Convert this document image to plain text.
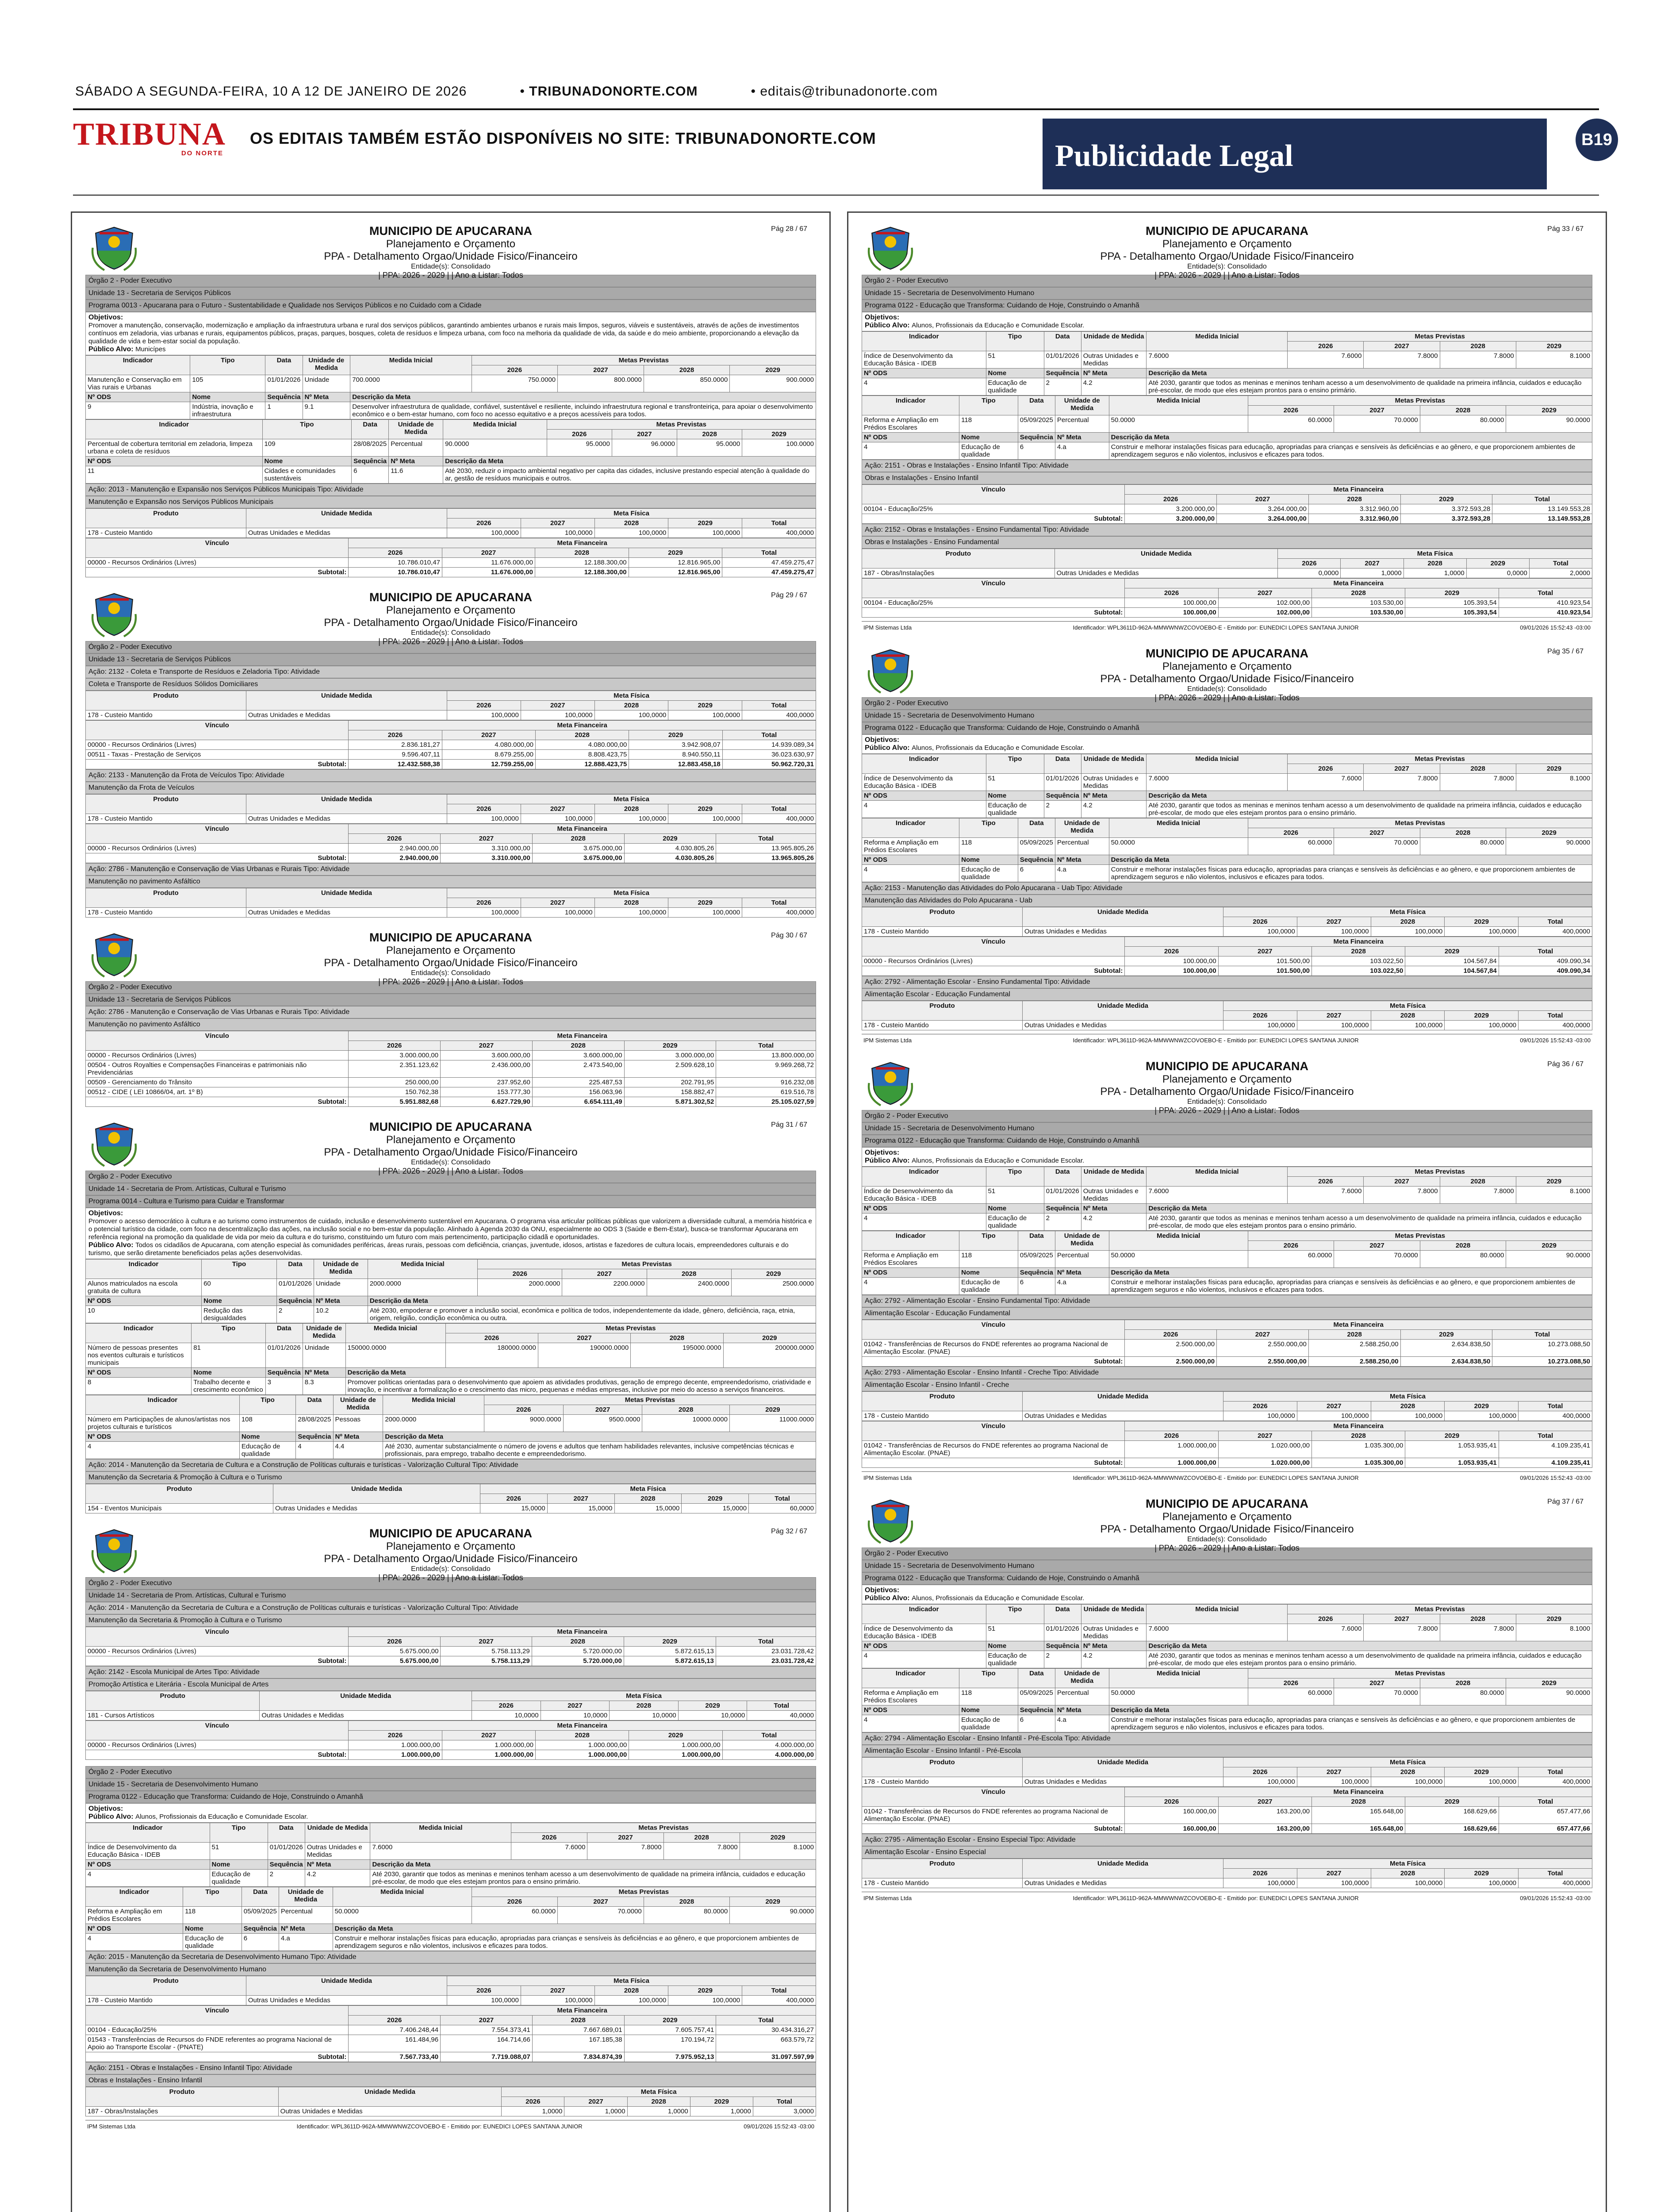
SÁBADO A SEGUNDA-FEIRA, 10 A 12 DE JANEIRO DE 2026	• TRIBUNADONORTE.COM	• editais@tribunadonorte.com
TRIBUNA
DO NORTE
OS EDITAIS TAMBÉM ESTÃO DISPONÍVEIS NO SITE: TRIBUNADONORTE.COM
Publicidade Legal	B19
MUNICIPIO DE APUCARANA
Planejamento e Orçamento
PPA - Detalhamento Orgao/Unidade Fisico/Financeiro
Entidade(s): Consolidado
| PPA: 2026 - 2029 | | Ano a Listar: Todos
Pág 28 / 67
Órgão 2 - Poder Executivo
Unidade 13 - Secretaria de Serviços Públicos
Programa 0013 - Apucarana para o Futuro - Sustentabilidade e Qualidade nos Serviços Públicos e no Cuidado com a Cidade
Objetivos:
Promover a manutenção, conservação, modernização e ampliação da infraestrutura urbana e rural dos serviços públicos, garantindo ambientes urbanos e rurais mais limpos, seguros, viáveis e sustentáveis, através de ações de investimentos contínuos em zeladoria, vias urbanas e rurais, equipamentos públicos, praças, parques, bosques, coleta de resíduos e limpeza urbana, com foco na melhoria da qualidade de vida, da saúde e do meio ambiente, proporcionando a elevação da qualidade de vida e bem-estar social da população.
Público Alvo: Municípes
Indicador	Tipo	Data	Unidade de Medida	Medida Inicial	Metas Previstas			
					2026	2027	2028	2029
Manutenção e Conservação em Vias rurais e Urbanas	105	01/01/2026	Unidade	700.0000	750.0000	800.0000	850.0000	900.0000
Nº ODS	Nome	Sequência	Nº Meta	Descrição da Meta				
9	Indústria, inovação e infraestrutura	1	9.1	Desenvolver infraestrutura de qualidade, confiável, sustentável e resiliente, incluindo infraestrutura regional e transfronteiriça, para apoiar o desenvolvimento econômico e o bem-estar humano, com foco no acesso equitativo e a preços acessíveis para todos.				
Indicador	Tipo	Data	Unidade de Medida	Medida Inicial	Metas Previstas			
					2026	2027	2028	2029
Percentual de cobertura territorial em zeladoria, limpeza urbana e coleta de resíduos	109	28/08/2025	Percentual	90.0000	95.0000	96.0000	95.0000	100.0000
Nº ODS	Nome	Sequência	Nº Meta	Descrição da Meta				
11	Cidades e comunidades sustentáveis	6	11.6	Até 2030, reduzir o impacto ambiental negativo per capita das cidades, inclusive prestando especial atenção à qualidade do ar, gestão de resíduos municipais e outros.				
Ação: 2013 - Manutenção e Expansão nos Serviços Públicos Municipais Tipo: Atividade
Manutenção e Expansão nos Serviços Públicos Municipais
Produto	Unidade Medida	Meta Física				
		2026	2027	2028	2029	Total
178 - Custeio Mantido	Outras Unidades e Medidas	100,0000	100,0000	100,0000	100,0000	400,0000
Vínculo	Meta Financeira				
	2026	2027	2028	2029	Total
00000 - Recursos Ordinários (Livres)	10.786.010,47	11.676.000,00	12.188.300,00	12.816.965,00	47.459.275,47
Subtotal:	10.786.010,47	11.676.000,00	12.188.300,00	12.816.965,00	47.459.275,47
MUNICIPIO DE APUCARANA
Planejamento e Orçamento
PPA - Detalhamento Orgao/Unidade Fisico/Financeiro
Entidade(s): Consolidado
| PPA: 2026 - 2029 | | Ano a Listar: Todos
Pág 29 / 67
Órgão 2 - Poder Executivo
Unidade 13 - Secretaria de Serviços Públicos
Ação: 2132 - Coleta e Transporte de Resíduos e Zeladoria Tipo: Atividade
Coleta e Transporte de Resíduos Sólidos Domiciliares
Produto	Unidade Medida	Meta Física				
		2026	2027	2028	2029	Total
178 - Custeio Mantido	Outras Unidades e Medidas	100,0000	100,0000	100,0000	100,0000	400,0000
Vínculo	Meta Financeira				
	2026	2027	2028	2029	Total
00000 - Recursos Ordinários (Livres)	2.836.181,27	4.080.000,00	4.080.000,00	3.942.908,07	14.939.089,34
00511 - Taxas - Prestação de Serviços	9.596.407,11	8.679.255,00	8.808.423,75	8.940.550,11	36.023.630,97
Subtotal:	12.432.588,38	12.759.255,00	12.888.423,75	12.883.458,18	50.962.720,31
Ação: 2133 - Manutenção da Frota de Veículos Tipo: Atividade
Manutenção da Frota de Veículos
Produto	Unidade Medida	Meta Física				
		2026	2027	2028	2029	Total
178 - Custeio Mantido	Outras Unidades e Medidas	100,0000	100,0000	100,0000	100,0000	400,0000
Vínculo	Meta Financeira				
	2026	2027	2028	2029	Total
00000 - Recursos Ordinários (Livres)	2.940.000,00	3.310.000,00	3.675.000,00	4.030.805,26	13.965.805,26
Subtotal:	2.940.000,00	3.310.000,00	3.675.000,00	4.030.805,26	13.965.805,26
Ação: 2786 - Manutenção e Conservação de Vias Urbanas e Rurais Tipo: Atividade
Manutenção no pavimento Asfáltico
Produto	Unidade Medida	Meta Física				
		2026	2027	2028	2029	Total
178 - Custeio Mantido	Outras Unidades e Medidas	100,0000	100,0000	100,0000	100,0000	400,0000
MUNICIPIO DE APUCARANA
Planejamento e Orçamento
PPA - Detalhamento Orgao/Unidade Fisico/Financeiro
Entidade(s): Consolidado
| PPA: 2026 - 2029 | | Ano a Listar: Todos
Pág 30 / 67
Órgão 2 - Poder Executivo
Unidade 13 - Secretaria de Serviços Públicos
Ação: 2786 - Manutenção e Conservação de Vias Urbanas e Rurais Tipo: Atividade
Manutenção no pavimento Asfáltico
Vínculo	Meta Financeira				
	2026	2027	2028	2029	Total
00000 - Recursos Ordinários (Livres)	3.000.000,00	3.600.000,00	3.600.000,00	3.000.000,00	13.800.000,00
00504 - Outros Royalties e Compensações Financeiras e patrimoniais não Previdenciárias	2.351.123,62	2.436.000,00	2.473.540,00	2.509.628,10	9.969.268,72
00509 - Gerenciamento do Trânsito	250.000,00	237.952,60	225.487,53	202.791,95	916.232,08
00512 - CIDE ( LEI 10866/04, art. 1º B)	150.762,38	153.777,30	156.063,96	158.882,47	619.516,78
Subtotal:	5.951.882,68	6.627.729,90	6.654.111,49	5.871.302,52	25.105.027,59
MUNICIPIO DE APUCARANA
Planejamento e Orçamento
PPA - Detalhamento Orgao/Unidade Fisico/Financeiro
Entidade(s): Consolidado
| PPA: 2026 - 2029 | | Ano a Listar: Todos
Pág 31 / 67
Órgão 2 - Poder Executivo
Unidade 14 - Secretaria de Prom. Artísticas, Cultural e Turismo
Programa 0014 - Cultura e Turismo para Cuidar e Transformar
Objetivos:
Promover o acesso democrático à cultura e ao turismo como instrumentos de cuidado, inclusão e desenvolvimento sustentável em Apucarana. O programa visa articular políticas públicas que valorizem a diversidade cultural, a memória histórica e o potencial turístico da cidade, com foco na descentralização das ações, na inclusão social e no bem-estar da população. Alinhado à Agenda 2030 da ONU, especialmente ao ODS 3 (Saúde e Bem-Estar), busca-se transformar Apucarana em referência regional na promoção da qualidade de vida por meio da cultura e do turismo, constituindo um futuro com mais pertencimento, participação cidadã e oportunidades.
Público Alvo: Todos os cidadãos de Apucarana, com atenção especial às comunidades periféricas, áreas rurais, pessoas com deficiência, crianças, juventude, idosos, artistas e fazedores de cultura locais, empreendedores culturais e do turismo, que serão diretamente beneficiados pelas ações desenvolvidas.
Indicador	Tipo	Data	Unidade de Medida	Medida Inicial	Metas Previstas			
					2026	2027	2028	2029
Alunos matriculados na escola gratuita de cultura	60	01/01/2026	Unidade	2000.0000	2000.0000	2200.0000	2400.0000	2500.0000
Nº ODS	Nome	Sequência	Nº Meta	Descrição da Meta				
10	Redução das desigualdades	2	10.2	Até 2030, empoderar e promover a inclusão social, econômica e política de todos, independentemente da idade, gênero, deficiência, raça, etnia, origem, religião, condição econômica ou outra.				
Indicador	Tipo	Data	Unidade de Medida	Medida Inicial	Metas Previstas			
					2026	2027	2028	2029
Número de pessoas presentes nos eventos culturais e turísticos municipais	81	01/01/2026	Unidade	150000.0000	180000.0000	190000.0000	195000.0000	200000.0000
Nº ODS	Nome	Sequência	Nº Meta	Descrição da Meta				
8	Trabalho decente e crescimento econômico	3	8.3	Promover políticas orientadas para o desenvolvimento que apoiem as atividades produtivas, geração de emprego decente, empreendedorismo, criatividade e inovação, e incentivar a formalização e o crescimento das micro, pequenas e médias empresas, inclusive por meio do acesso a serviços financeiros.				
Indicador	Tipo	Data	Unidade de Medida	Medida Inicial	Metas Previstas			
					2026	2027	2028	2029
Número em Participações de alunos/artistas nos projetos culturais e turísticos	108	28/08/2025	Pessoas	2000.0000	9000.0000	9500.0000	10000.0000	11000.0000
Nº ODS	Nome	Sequência	Nº Meta	Descrição da Meta				
4	Educação de qualidade	4	4.4	Até 2030, aumentar substancialmente o número de jovens e adultos que tenham habilidades relevantes, inclusive competências técnicas e profissionais, para emprego, trabalho decente e empreendedorismo.				
Ação: 2014 - Manutenção da Secretaria de Cultura e a Construção de Políticas culturais e turísticas - Valorização Cultural Tipo: Atividade
Manutenção da Secretaria & Promoção à Cultura e o Turismo
Produto	Unidade Medida	Meta Física				
		2026	2027	2028	2029	Total
154 - Eventos Municipais	Outras Unidades e Medidas	15,0000	15,0000	15,0000	15,0000	60,0000
MUNICIPIO DE APUCARANA
Planejamento e Orçamento
PPA - Detalhamento Orgao/Unidade Fisico/Financeiro
Entidade(s): Consolidado
| PPA: 2026 - 2029 | | Ano a Listar: Todos
Pág 32 / 67
Órgão 2 - Poder Executivo
Unidade 14 - Secretaria de Prom. Artísticas, Cultural e Turismo
Ação: 2014 - Manutenção da Secretaria de Cultura e a Construção de Políticas culturais e turísticas - Valorização Cultural Tipo: Atividade
Manutenção da Secretaria & Promoção à Cultura e o Turismo
Vínculo	Meta Financeira				
	2026	2027	2028	2029	Total
00000 - Recursos Ordinários (Livres)	5.675.000,00	5.758.113,29	5.720.000,00	5.872.615,13	23.031.728,42
Subtotal:	5.675.000,00	5.758.113,29	5.720.000,00	5.872.615,13	23.031.728,42
Ação: 2142 - Escola Municipal de Artes Tipo: Atividade
Promoção Artística e Literária - Escola Municipal de Artes
Produto	Unidade Medida	Meta Física				
		2026	2027	2028	2029	Total
181 - Cursos Artísticos	Outras Unidades e Medidas	10,0000	10,0000	10,0000	10,0000	40,0000
Vínculo	Meta Financeira				
	2026	2027	2028	2029	Total
00000 - Recursos Ordinários (Livres)	1.000.000,00	1.000.000,00	1.000.000,00	1.000.000,00	4.000.000,00
Subtotal:	1.000.000,00	1.000.000,00	1.000.000,00	1.000.000,00	4.000.000,00
Órgão 2 - Poder Executivo
Unidade 15 - Secretaria de Desenvolvimento Humano
Programa 0122 - Educação que Transforma: Cuidando de Hoje, Construindo o Amanhã
Objetivos:
Público Alvo: Alunos, Profissionais da Educação e Comunidade Escolar.
Indicador	Tipo	Data	Unidade de Medida	Medida Inicial	Metas Previstas			
					2026	2027	2028	2029
Índice de Desenvolvimento da Educação Básica - IDEB	51	01/01/2026	Outras Unidades e Medidas	7.6000	7.6000	7.8000	7.8000	8.1000
Nº ODS	Nome	Sequência	Nº Meta	Descrição da Meta				
4	Educação de qualidade	2	4.2	Até 2030, garantir que todos as meninas e meninos tenham acesso a um desenvolvimento de qualidade na primeira infância, cuidados e educação pré-escolar, de modo que eles estejam prontos para o ensino primário.				
Indicador	Tipo	Data	Unidade de Medida	Medida Inicial	Metas Previstas			
					2026	2027	2028	2029
Reforma e Ampliação em Prédios Escolares	118	05/09/2025	Percentual	50.0000	60.0000	70.0000	80.0000	90.0000
Nº ODS	Nome	Sequência	Nº Meta	Descrição da Meta				
4	Educação de qualidade	6	4.a	Construir e melhorar instalações físicas para educação, apropriadas para crianças e sensíveis às deficiências e ao gênero, e que proporcionem ambientes de aprendizagem seguros e não violentos, inclusivos e eficazes para todos.				
Ação: 2015 - Manutenção da Secretaria de Desenvolvimento Humano Tipo: Atividade
Manutenção da Secretaria de Desenvolvimento Humano
Produto	Unidade Medida	Meta Física				
		2026	2027	2028	2029	Total
178 - Custeio Mantido	Outras Unidades e Medidas	100,0000	100,0000	100,0000	100,0000	400,0000
Vínculo	Meta Financeira				
	2026	2027	2028	2029	Total
00104 - Educação/25%	7.406.248,44	7.554.373,41	7.667.689,01	7.605.757,41	30.434.316,27
01543 - Transferências de Recursos do FNDE referentes ao programa Nacional de Apoio ao Transporte Escolar - (PNATE)	161.484,96	164.714,66	167.185,38	170.194,72	663.579,72
Subtotal:	7.567.733,40	7.719.088,07	7.834.874,39	7.975.952,13	31.097.597,99
Ação: 2151 - Obras e Instalações - Ensino Infantil Tipo: Atividade
Obras e Instalações - Ensino Infantil
Produto	Unidade Medida	Meta Física				
		2026	2027	2028	2029	Total
187 - Obras/Instalações	Outras Unidades e Medidas	1,0000	1,0000	1,0000	1,0000	3,0000
IPM Sistemas Ltda	Identificador: WPL3611D-962A-MMWWNWZCOVOEBO-E - Emitido por: EUNEDICI LOPES SANTANA JUNIOR	09/01/2026 15:52:43 -03:00
MUNICIPIO DE APUCARANA
Planejamento e Orçamento
PPA - Detalhamento Orgao/Unidade Fisico/Financeiro
Entidade(s): Consolidado
| PPA: 2026 - 2029 | | Ano a Listar: Todos
Pág 33 / 67
Órgão 2 - Poder Executivo
Unidade 15 - Secretaria de Desenvolvimento Humano
Programa 0122 - Educação que Transforma: Cuidando de Hoje, Construindo o Amanhã
Objetivos:
Público Alvo: Alunos, Profissionais da Educação e Comunidade Escolar.
Indicador	Tipo	Data	Unidade de Medida	Medida Inicial	Metas Previstas			
					2026	2027	2028	2029
Índice de Desenvolvimento da Educação Básica - IDEB	51	01/01/2026	Outras Unidades e Medidas	7.6000	7.6000	7.8000	7.8000	8.1000
Nº ODS	Nome	Sequência	Nº Meta	Descrição da Meta				
4	Educação de qualidade	2	4.2	Até 2030, garantir que todos as meninas e meninos tenham acesso a um desenvolvimento de qualidade na primeira infância, cuidados e educação pré-escolar, de modo que eles estejam prontos para o ensino primário.				
Indicador	Tipo	Data	Unidade de Medida	Medida Inicial	Metas Previstas			
					2026	2027	2028	2029
Reforma e Ampliação em Prédios Escolares	118	05/09/2025	Percentual	50.0000	60.0000	70.0000	80.0000	90.0000
Nº ODS	Nome	Sequência	Nº Meta	Descrição da Meta				
4	Educação de qualidade	6	4.a	Construir e melhorar instalações físicas para educação, apropriadas para crianças e sensíveis às deficiências e ao gênero, e que proporcionem ambientes de aprendizagem seguros e não violentos, inclusivos e eficazes para todos.				
Ação: 2151 - Obras e Instalações - Ensino Infantil Tipo: Atividade
Obras e Instalações - Ensino Infantil
Vínculo	Meta Financeira				
	2026	2027	2028	2029	Total
00104 - Educação/25%	3.200.000,00	3.264.000,00	3.312.960,00	3.372.593,28	13.149.553,28
Subtotal:	3.200.000,00	3.264.000,00	3.312.960,00	3.372.593,28	13.149.553,28
Ação: 2152 - Obras e Instalações - Ensino Fundamental Tipo: Atividade
Obras e Instalações - Ensino Fundamental
Produto	Unidade Medida	Meta Física				
		2026	2027	2028	2029	Total
187 - Obras/Instalações	Outras Unidades e Medidas	0,0000	1,0000	1,0000	0,0000	2,0000
Vínculo	Meta Financeira				
	2026	2027	2028	2029	Total
00104 - Educação/25%	100.000,00	102.000,00	103.530,00	105.393,54	410.923,54
Subtotal:	100.000,00	102.000,00	103.530,00	105.393,54	410.923,54
IPM Sistemas Ltda	Identificador: WPL3611D-962A-MMWWNWZCOVOEBO-E - Emitido por: EUNEDICI LOPES SANTANA JUNIOR	09/01/2026 15:52:43 -03:00
MUNICIPIO DE APUCARANA
Planejamento e Orçamento
PPA - Detalhamento Orgao/Unidade Fisico/Financeiro
Entidade(s): Consolidado
| PPA: 2026 - 2029 | | Ano a Listar: Todos
Pág 35 / 67
Órgão 2 - Poder Executivo
Unidade 15 - Secretaria de Desenvolvimento Humano
Programa 0122 - Educação que Transforma: Cuidando de Hoje, Construindo o Amanhã
Objetivos:
Público Alvo: Alunos, Profissionais da Educação e Comunidade Escolar.
Indicador	Tipo	Data	Unidade de Medida	Medida Inicial	Metas Previstas			
					2026	2027	2028	2029
Índice de Desenvolvimento da Educação Básica - IDEB	51	01/01/2026	Outras Unidades e Medidas	7.6000	7.6000	7.8000	7.8000	8.1000
Nº ODS	Nome	Sequência	Nº Meta	Descrição da Meta				
4	Educação de qualidade	2	4.2	Até 2030, garantir que todos as meninas e meninos tenham acesso a um desenvolvimento de qualidade na primeira infância, cuidados e educação pré-escolar, de modo que eles estejam prontos para o ensino primário.				
Indicador	Tipo	Data	Unidade de Medida	Medida Inicial	Metas Previstas			
					2026	2027	2028	2029
Reforma e Ampliação em Prédios Escolares	118	05/09/2025	Percentual	50.0000	60.0000	70.0000	80.0000	90.0000
Nº ODS	Nome	Sequência	Nº Meta	Descrição da Meta				
4	Educação de qualidade	6	4.a	Construir e melhorar instalações físicas para educação, apropriadas para crianças e sensíveis às deficiências e ao gênero, e que proporcionem ambientes de aprendizagem seguros e não violentos, inclusivos e eficazes para todos.				
Ação: 2153 - Manutenção das Atividades do Polo Apucarana - Uab Tipo: Atividade
Manutenção das Atividades do Polo Apucarana - Uab
Produto	Unidade Medida	Meta Física				
		2026	2027	2028	2029	Total
178 - Custeio Mantido	Outras Unidades e Medidas	100,0000	100,0000	100,0000	100,0000	400,0000
Vínculo	Meta Financeira				
	2026	2027	2028	2029	Total
00000 - Recursos Ordinários (Livres)	100.000,00	101.500,00	103.022,50	104.567,84	409.090,34
Subtotal:	100.000,00	101.500,00	103.022,50	104.567,84	409.090,34
Ação: 2792 - Alimentação Escolar - Ensino Fundamental Tipo: Atividade
Alimentação Escolar - Educação Fundamental
Produto	Unidade Medida	Meta Física				
		2026	2027	2028	2029	Total
178 - Custeio Mantido	Outras Unidades e Medidas	100,0000	100,0000	100,0000	100,0000	400,0000
IPM Sistemas Ltda	Identificador: WPL3611D-962A-MMWWNWZCOVOEBO-E - Emitido por: EUNEDICI LOPES SANTANA JUNIOR	09/01/2026 15:52:43 -03:00
MUNICIPIO DE APUCARANA
Planejamento e Orçamento
PPA - Detalhamento Orgao/Unidade Fisico/Financeiro
Entidade(s): Consolidado
| PPA: 2026 - 2029 | | Ano a Listar: Todos
Pág 36 / 67
Órgão 2 - Poder Executivo
Unidade 15 - Secretaria de Desenvolvimento Humano
Programa 0122 - Educação que Transforma: Cuidando de Hoje, Construindo o Amanhã
Objetivos:
Público Alvo: Alunos, Profissionais da Educação e Comunidade Escolar.
Indicador	Tipo	Data	Unidade de Medida	Medida Inicial	Metas Previstas			
					2026	2027	2028	2029
Índice de Desenvolvimento da Educação Básica - IDEB	51	01/01/2026	Outras Unidades e Medidas	7.6000	7.6000	7.8000	7.8000	8.1000
Nº ODS	Nome	Sequência	Nº Meta	Descrição da Meta				
4	Educação de qualidade	2	4.2	Até 2030, garantir que todos as meninas e meninos tenham acesso a um desenvolvimento de qualidade na primeira infância, cuidados e educação pré-escolar, de modo que eles estejam prontos para o ensino primário.				
Indicador	Tipo	Data	Unidade de Medida	Medida Inicial	Metas Previstas			
					2026	2027	2028	2029
Reforma e Ampliação em Prédios Escolares	118	05/09/2025	Percentual	50.0000	60.0000	70.0000	80.0000	90.0000
Nº ODS	Nome	Sequência	Nº Meta	Descrição da Meta				
4	Educação de qualidade	6	4.a	Construir e melhorar instalações físicas para educação, apropriadas para crianças e sensíveis às deficiências e ao gênero, e que proporcionem ambientes de aprendizagem seguros e não violentos, inclusivos e eficazes para todos.				
Ação: 2792 - Alimentação Escolar - Ensino Fundamental Tipo: Atividade
Alimentação Escolar - Educação Fundamental
Vínculo	Meta Financeira				
	2026	2027	2028	2029	Total
01042 - Transferências de Recursos do FNDE referentes ao programa Nacional de Alimentação Escolar. (PNAE)	2.500.000,00	2.550.000,00	2.588.250,00	2.634.838,50	10.273.088,50
Subtotal:	2.500.000,00	2.550.000,00	2.588.250,00	2.634.838,50	10.273.088,50
Ação: 2793 - Alimentação Escolar - Ensino Infantil - Creche Tipo: Atividade
Alimentação Escolar - Ensino Infantil - Creche
Produto	Unidade Medida	Meta Física				
		2026	2027	2028	2029	Total
178 - Custeio Mantido	Outras Unidades e Medidas	100,0000	100,0000	100,0000	100,0000	400,0000
Vínculo	Meta Financeira				
	2026	2027	2028	2029	Total
01042 - Transferências de Recursos do FNDE referentes ao programa Nacional de Alimentação Escolar. (PNAE)	1.000.000,00	1.020.000,00	1.035.300,00	1.053.935,41	4.109.235,41
Subtotal:	1.000.000,00	1.020.000,00	1.035.300,00	1.053.935,41	4.109.235,41
IPM Sistemas Ltda	Identificador: WPL3611D-962A-MMWWNWZCOVOEBO-E - Emitido por: EUNEDICI LOPES SANTANA JUNIOR	09/01/2026 15:52:43 -03:00
MUNICIPIO DE APUCARANA
Planejamento e Orçamento
PPA - Detalhamento Orgao/Unidade Fisico/Financeiro
Entidade(s): Consolidado
| PPA: 2026 - 2029 | | Ano a Listar: Todos
Pág 37 / 67
Órgão 2 - Poder Executivo
Unidade 15 - Secretaria de Desenvolvimento Humano
Programa 0122 - Educação que Transforma: Cuidando de Hoje, Construindo o Amanhã
Objetivos:
Público Alvo: Alunos, Profissionais da Educação e Comunidade Escolar.
Indicador	Tipo	Data	Unidade de Medida	Medida Inicial	Metas Previstas			
					2026	2027	2028	2029
Índice de Desenvolvimento da Educação Básica - IDEB	51	01/01/2026	Outras Unidades e Medidas	7.6000	7.6000	7.8000	7.8000	8.1000
Nº ODS	Nome	Sequência	Nº Meta	Descrição da Meta				
4	Educação de qualidade	2	4.2	Até 2030, garantir que todos as meninas e meninos tenham acesso a um desenvolvimento de qualidade na primeira infância, cuidados e educação pré-escolar, de modo que eles estejam prontos para o ensino primário.				
Indicador	Tipo	Data	Unidade de Medida	Medida Inicial	Metas Previstas			
					2026	2027	2028	2029
Reforma e Ampliação em Prédios Escolares	118	05/09/2025	Percentual	50.0000	60.0000	70.0000	80.0000	90.0000
Nº ODS	Nome	Sequência	Nº Meta	Descrição da Meta				
4	Educação de qualidade	6	4.a	Construir e melhorar instalações físicas para educação, apropriadas para crianças e sensíveis às deficiências e ao gênero, e que proporcionem ambientes de aprendizagem seguros e não violentos, inclusivos e eficazes para todos.				
Ação: 2794 - Alimentação Escolar - Ensino Infantil - Pré-Escola Tipo: Atividade
Alimentação Escolar - Ensino Infantil - Pré-Escola
Produto	Unidade Medida	Meta Física				
		2026	2027	2028	2029	Total
178 - Custeio Mantido	Outras Unidades e Medidas	100,0000	100,0000	100,0000	100,0000	400,0000
Vínculo	Meta Financeira				
	2026	2027	2028	2029	Total
01042 - Transferências de Recursos do FNDE referentes ao programa Nacional de Alimentação Escolar. (PNAE)	160.000,00	163.200,00	165.648,00	168.629,66	657.477,66
Subtotal:	160.000,00	163.200,00	165.648,00	168.629,66	657.477,66
Ação: 2795 - Alimentação Escolar - Ensino Especial Tipo: Atividade
Alimentação Escolar - Ensino Especial
Produto	Unidade Medida	Meta Física				
		2026	2027	2028	2029	Total
178 - Custeio Mantido	Outras Unidades e Medidas	100,0000	100,0000	100,0000	100,0000	400,0000
IPM Sistemas Ltda	Identificador: WPL3611D-962A-MMWWNWZCOVOEBO-E - Emitido por: EUNEDICI LOPES SANTANA JUNIOR	09/01/2026 15:52:43 -03:00
